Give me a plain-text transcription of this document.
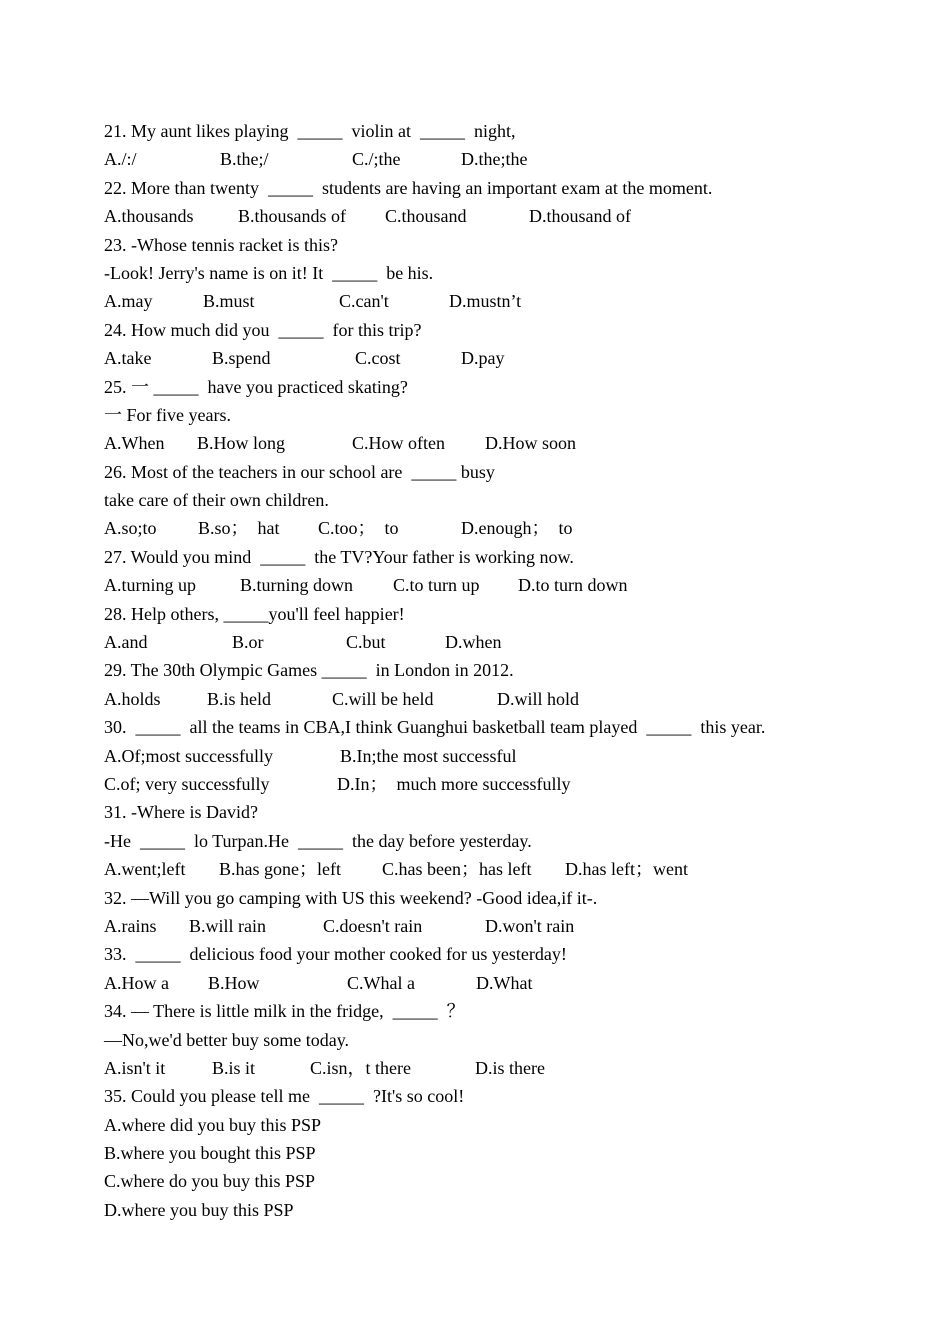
21. My aunt likes playing  _____  violin at  _____  night,
A./:/	B.the;/	C./;the	D.the;the
22. More than twenty  _____  students are having an important exam at the moment.
A.thousands B.thousands of C.thousand	D.thousand of
23. -Whose tennis racket is this?
-Look! Jerry's name is on it! It  _____  be his.
A.may	B.must	C.can't	D.mustn’t
24. How much did you  _____  for this trip?
A.take	B.spend	C.cost	D.pay
25. 一 _____  have you practiced skating?
一 For five years.
A.When B.How long	C.How often D.How soon
26. Most of the teachers in our school are  _____ busy
take care of their own children.
A.so;to B.so；  hat C.too；  to	D.enough；  to
27. Would you mind  _____  the TV?Your father is working now.
A.turning up B.turning down C.to turn up D.to turn down
28. Help others, _____you'll feel happier!
A.and	B.or	C.but	D.when
29. The 30th Olympic Games _____  in London in 2012.
A.holds	B.is held	C.will be held	D.will hold
30.  _____  all the teams in CBA,I think Guanghui basketball team played  _____  this year.
A.Of;most successfully	B.In;the most successful
C.of; very successfully	D.In；  much more successfully
31. -Where is David?
-He  _____  lo Turpan.He  _____  the day before yesterday.
A.went;left B.has gone；left C.has been；has left D.has left；went
32. —Will you go camping with US this weekend? -Good idea,if it-.
A.rains B.will rain	C.doesn't rain	D.won't rain
33.  _____  delicious food your mother cooked for us yesterday!
A.How a B.How	C.Whal a	D.What
34. — There is little milk in the fridge,  _____  ？
—No,we'd better buy some today.
A.isn't it	B.is it	C.isn，t there	D.is there
35. Could you please tell me  _____  ?It's so cool!
A.where did you buy this PSP
B.where you bought this PSP
C.where do you buy this PSP
D.where you buy this PSP
